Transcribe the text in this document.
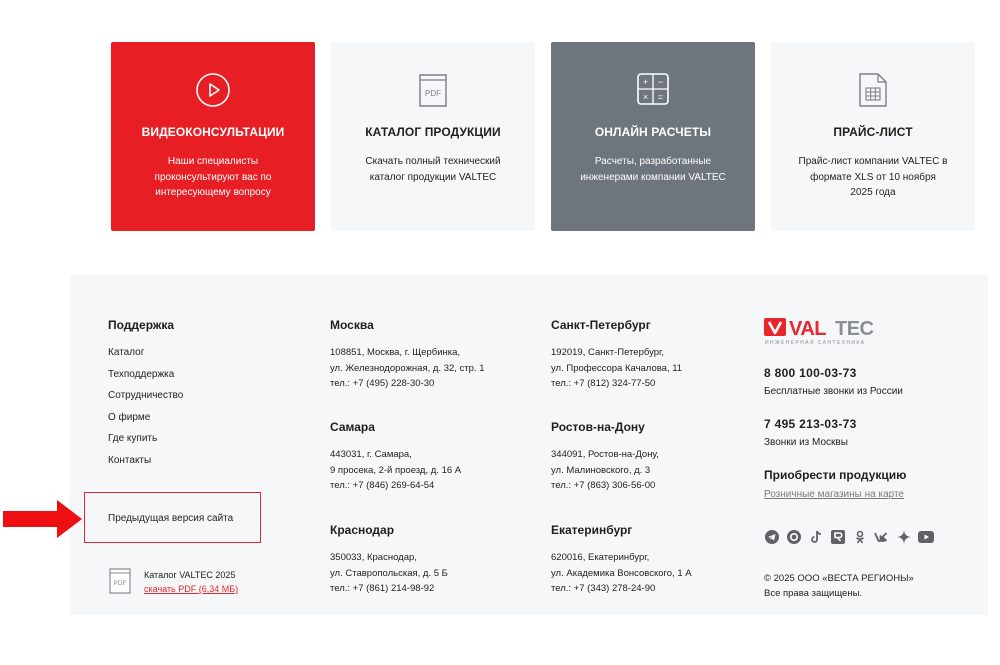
ВИДЕОКОНСУЛЬТАЦИИ
Наши специалисты
проконсультируют вас по
интересующему вопросу
PDF
КАТАЛОГ ПРОДУКЦИИ
Скачать полный технический
каталог продукции VALTEC
+ −
× =
ОНЛАЙН РАСЧЕТЫ
Расчеты, разработанные
инженерами компании VALTEC
ПРАЙС-ЛИСТ
Прайс-лист компании VALTEC в
формате XLS от 10 ноября
2025 года
Поддержка
Каталог
Техподдержка
Сотрудничество
О фирме
Где купить
Контакты
Предыдущая версия сайта
PDF
Каталог VALTEC 2025
скачать PDF (6,34 МБ)
Москва
108851, Москва, г. Щербинка,
ул. Железнодорожная, д. 32, стр. 1
тел.: +7 (495) 228-30-30
Санкт-Петербург
192019, Санкт-Петербург,
ул. Профессора Качалова, 11
тел.: +7 (812) 324-77-50
Самара
443031, г. Самара,
9 просека, 2-й проезд, д. 16 А
тел.: +7 (846) 269-64-54
Ростов-на-Дону
344091, Ростов-на-Дону,
ул. Малиновского, д. 3
тел.: +7 (863) 306-56-00
Краснодар
350033, Краснодар,
ул. Ставропольская, д. 5 Б
тел.: +7 (861) 214-98-92
Екатеринбург
620016, Екатеринбург,
ул. Академика Вонсовского, 1 А
тел.: +7 (343) 278-24-90
VAL TEC
ИНЖЕНЕРНАЯ САНТЕХНИКА
8 800 100-03-73
Бесплатные звонки из России
7 495 213-03-73
Звонки из Москвы
Приобрести продукцию
Розничные магазины на карте
© 2025 ООО «ВЕСТА РЕГИОНЫ»
Все права защищены.
